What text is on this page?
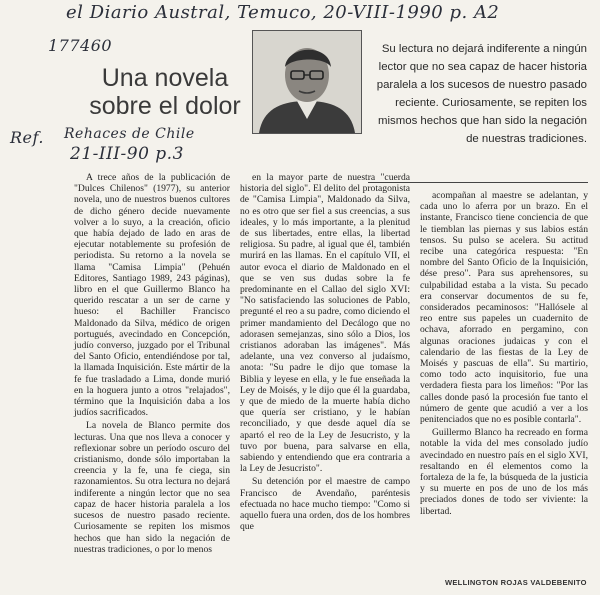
el Diario Austral, Temuco, 20-VIII-1990 p. A2
177460
Ref. Rehaces de Chile
21-III-90 p.3
Una novela sobre el dolor

Su lectura no dejará indiferente a ningún lector que no sea capaz de hacer historia paralela a los sucesos de nuestro pasado reciente. Curiosamente, se repiten los mismos hechos que han sido la negación de nuestras tradiciones.

A trece años de la publicación de "Dulces Chilenos" (1977), su anterior novela, uno de nuestros buenos cultores de dicho género decide nuevamente volver a lo suyo, a la creación, oficio que había dejado de lado en aras de ejecutar notablemente su profesión de periodista. Su retorno a la novela se llama "Camisa Limpia" (Pehuén Editores, Santiago 1989, 243 páginas), libro en el que Guillermo Blanco ha querido rescatar a un ser de carne y hueso: el Bachiller Francisco Maldonado da Silva, médico de origen portugués, avecindado en Concepción, judío converso, juzgado por el Tribunal del Santo Oficio, entendiéndose por tal, la llamada Inquisición. Este mártir de la fe fue trasladado a Lima, donde murió en la hoguera junto a otros "relajados", término que la Inquisición daba a los judíos sacrificados.

La novela de Blanco permite dos lecturas. Una que nos lleva a conocer y reflexionar sobre un período oscuro del cristianismo, donde sólo importaban la creencia y la fe, una fe ciega, sin razonamientos. Su otra lectura no dejará indiferente a ningún lector que no sea capaz de hacer historia paralela a los sucesos de nuestro pasado reciente. Curiosamente se repiten los mismos hechos que han sido la negación de nuestras tradiciones, o por lo menos

en la mayor parte de nuestra "cuerda historia del siglo". El delito del protagonista de "Camisa Limpia", Maldonado da Silva, no es otro que ser fiel a sus creencias, a sus ideales, y lo más importante, a la plenitud de sus libertades, entre ellas, la libertad religiosa. Su padre, al igual que él, también murirá en las llamas. En el capítulo VII, el autor evoca el diario de Maldonado en el que se ven sus dudas sobre la fe predominante en el Callao del siglo XVI: "No satisfaciendo las soluciones de Pablo, pregunté el reo a su padre, como diciendo el primer mandamiento del Decálogo que no adorasen semejanzas, sino sólo a Dios, los cristianos adoraban las imágenes". Más adelante, una vez converso al judaísmo, anota: "Su padre le dijo que tomase la Biblia y leyese en ella, y le fue enseñada la Ley de Moisés, y le dijo que él la guardaba, y que de miedo de la muerte había dicho que quería ser cristiano, y le habían reconciliado, y que desde aquel día se apartó el reo de la Ley de Jesucristo, y la tuvo por buena, para salvarse en ella, sabiendo y entendiendo que era contraria a la Ley de Jesucristo".

Su detención por el maestre de campo Francisco de Avendaño, paréntesis efectuada no hace mucho tiempo: "Como si aquello fuera una orden, dos de los hombres que

acompañan al maestre se adelantan, y cada uno lo aferra por un brazo. En el instante, Francisco tiene conciencia de que le tiemblan las piernas y sus labios están tensos. Su pulso se acelera. Su actitud recibe una categórica respuesta: "En nombre del Santo Oficio de la Inquisición, dése preso". Para sus aprehensores, su culpabilidad estaba a la vista. Su pecado era conservar documentos de su fe, considerados pecaminosos: "Hallósele al reo entre sus papeles un cuadernito de ochava, aforrado en pergamino, con algunas oraciones judaicas y con el calendario de las fiestas de la Ley de Moisés y pascuas de ella". Su martirio, como todo acto inquisitorio, fue una verdadera fiesta para los limeños: "Por las calles donde pasó la procesión fue tanto el número de gente que acudió a ver a los penitenciados que no es posible contarla".

Guillermo Blanco ha recreado en forma notable la vida del mes consolado judío avecindado en nuestro país en el siglo XVI, resaltando en él elementos como la fortaleza de la fe, la búsqueda de la justicia y su muerte en pos de uno de los más preciados dones de todo ser viviente: la libertad.

WELLINGTON ROJAS VALDEBENITO
